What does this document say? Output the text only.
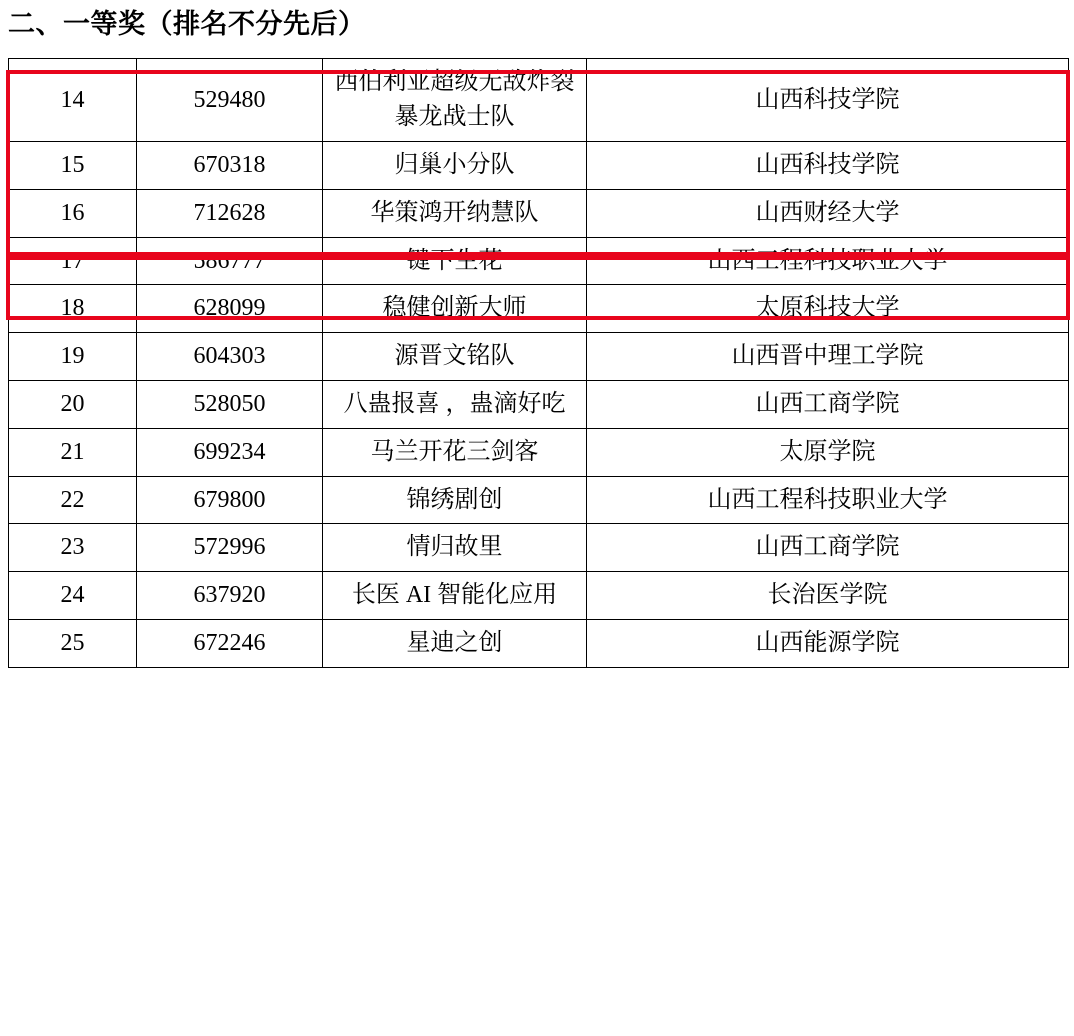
二、一等奖（排名不分先后）
14	529480	西伯利亚超级无敌炸裂暴龙战士队	山西科技学院
15	670318	归巢小分队	山西科技学院
16	712628	华策鸿开纳慧队	山西财经大学
17	586777	键下生花	山西工程科技职业大学
18	628099	稳健创新大师	太原科技大学
19	604303	源晋文铭队	山西晋中理工学院
20	528050	八蛊报喜 ，蛊滴好吃	山西工商学院
21	699234	马兰开花三剑客	太原学院
22	679800	锦绣剧创	山西工程科技职业大学
23	572996	情归故里	山西工商学院
24	637920	长医 AI 智能化应用	长治医学院
25	672246	星迪之创	山西能源学院
